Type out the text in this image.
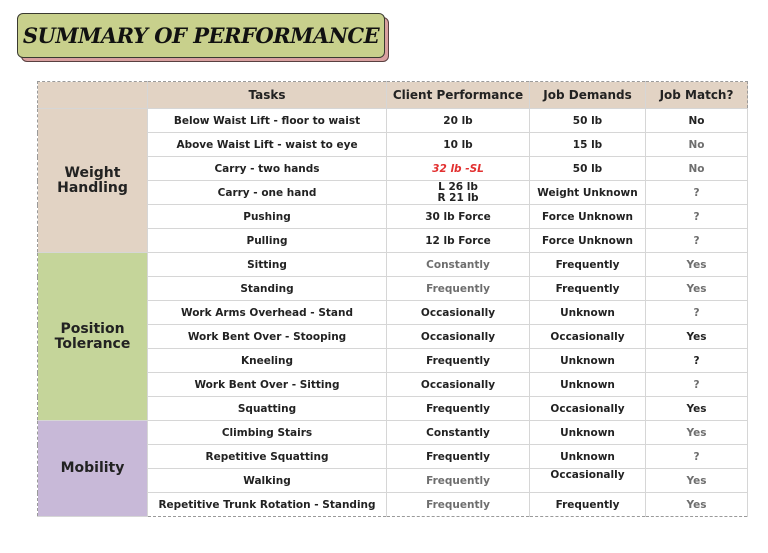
SUMMARY OF PERFORMANCE
	Tasks	Client Performance	Job Demands	Job Match?
Weight Handling	Below Waist Lift - floor to waist	20 lb	50 lb	No
	Above Waist Lift - waist to eye	10 lb	15 lb	No
	Carry - two hands	32 lb -SL	50 lb	No
	Carry - one hand	L 26 lb
R 21 lb	Weight Unknown	?
	Pushing	30 lb Force	Force Unknown	?
	Pulling	12 lb Force	Force Unknown	?
Position Tolerance	Sitting	Constantly	Frequently	Yes
	Standing	Frequently	Frequently	Yes
	Work Arms Overhead - Stand	Occasionally	Unknown	?
	Work Bent Over - Stooping	Occasionally	Occasionally	Yes
	Kneeling	Frequently	Unknown	?
	Work Bent Over - Sitting	Occasionally	Unknown	?
	Squatting	Frequently	Occasionally	Yes
Mobility	Climbing Stairs	Constantly	Unknown	Yes
	Repetitive Squatting	Frequently	Unknown	?
	Walking	Frequently	Occasionally	Yes
	Repetitive Trunk Rotation - Standing	Frequently	Frequently	Yes
